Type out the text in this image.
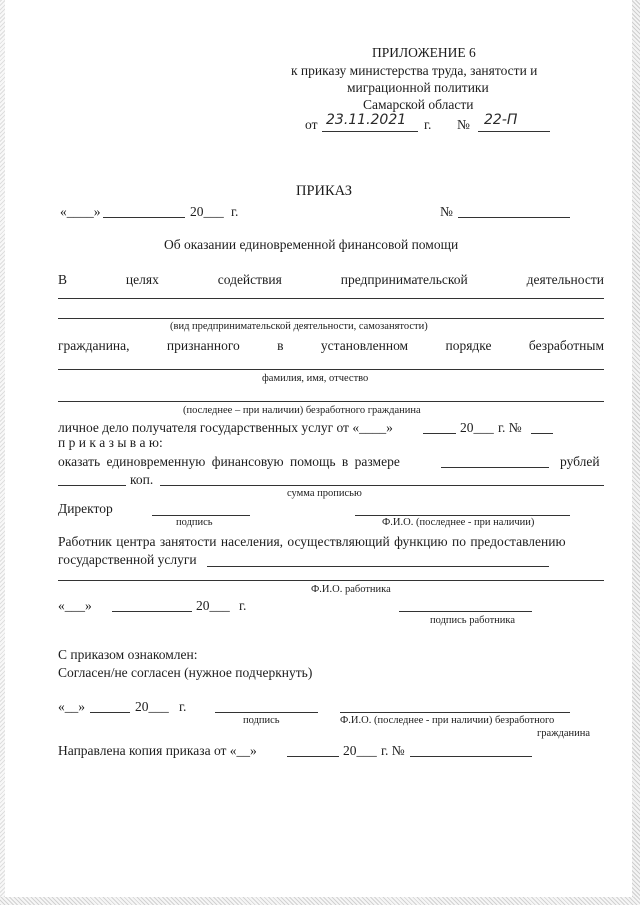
ПРИЛОЖЕНИЕ 6
к приказу министерства труда, занятости и
миграционной политики
Самарской области
от 23.11.2021 г. № 22-П
ПРИКАЗ
«____»	20___ г.	№
Об оказании единовременной финансовой помощи
В	целях	содействия	предпринимательской	деятельности
(вид предпринимательской деятельности, самозанятости)
гражданина,	признанного	в	установленном	порядке	безработным
фамилия, имя, отчество
(последнее – при наличии) безработного гражданина
личное дело получателя государственных услуг от «____»	20___ г. №
п р и к а з ы в а ю:
оказать единовременную финансовую помощь в размере	рублей
коп.
сумма прописью
Директор
подпись	Ф.И.О. (последнее - при наличии)
Работник центра занятости населения, осуществляющий функцию по предоставлению
государственной услуги
Ф.И.О. работника
«___»	20___ г.
подпись работника
С приказом ознакомлен:
Согласен/не согласен (нужное подчеркнуть)
«__»	20___ г.
подпись	Ф.И.О. (последнее - при наличии) безработного
гражданина
Направлена копия приказа от «__»	20___ г. №
